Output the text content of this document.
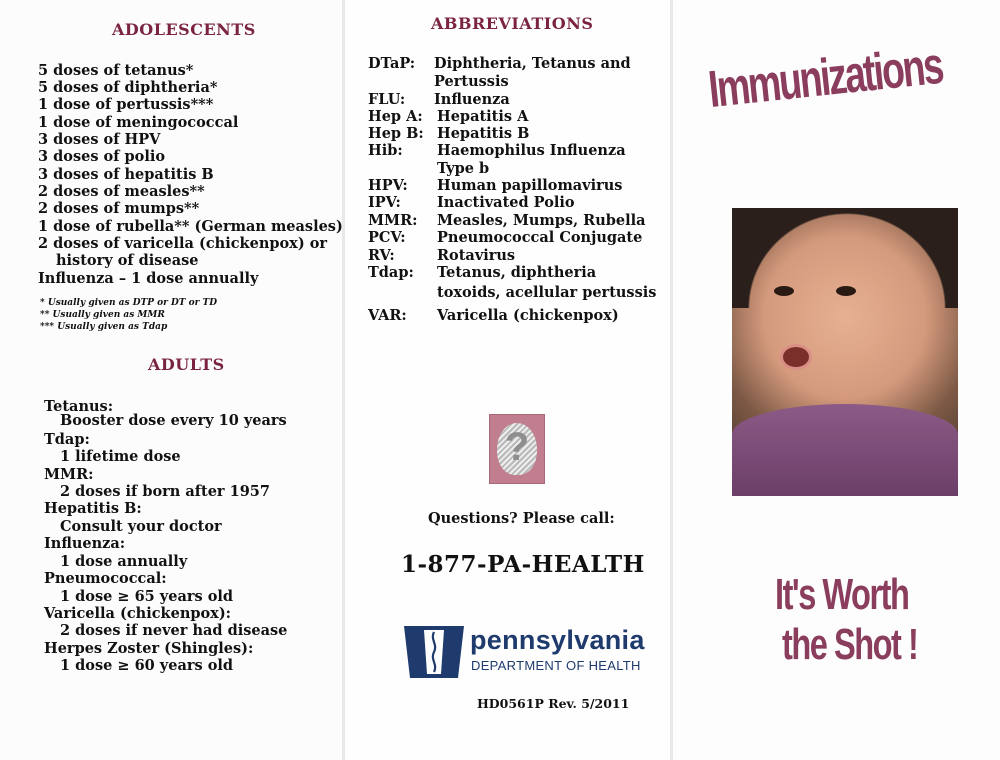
ADOLESCENTS
5 doses of tetanus*
5 doses of diphtheria*
1 dose of pertussis***
1 dose of meningococcal
3 doses of HPV
3 doses of polio
3 doses of hepatitis B
2 doses of measles**
2 doses of mumps**
1 dose of rubella** (German measles)
2 doses of varicella (chickenpox) or
history of disease
Influenza – 1 dose annually
* Usually given as DTP or DT or TD
** Usually given as MMR
*** Usually given as Tdap
ADULTS
Tetanus:
Booster dose every 10 years
Tdap:
1 lifetime dose
MMR:
2 doses if born after 1957
Hepatitis B:
Consult your doctor
Influenza:
1 dose annually
Pneumococcal:
1 dose ≥ 65 years old
Varicella (chickenpox):
2 doses if never had disease
Herpes Zoster (Shingles):
1 dose ≥ 60 years old
ABBREVIATIONS
DTaP:
FLU:
Hep A:
Hep B:
Hib:
HPV:
IPV:
MMR:
PCV:
RV:
Tdap:
VAR:
Diphtheria, Tetanus and
Pertussis
Influenza
Hepatitis A
Hepatitis B
Haemophilus Influenza
Type b
Human papillomavirus
Inactivated Polio
Measles, Mumps, Rubella
Pneumococcal Conjugate
Rotavirus
Tetanus, diphtheria
toxoids, acellular pertussis
Varicella (chickenpox)
?
Questions? Please call:
1-877-PA-HEALTH
pennsylvania
DEPARTMENT OF HEALTH
HD0561P Rev. 5/2011
Immunizations
It's Worth
the Shot !
